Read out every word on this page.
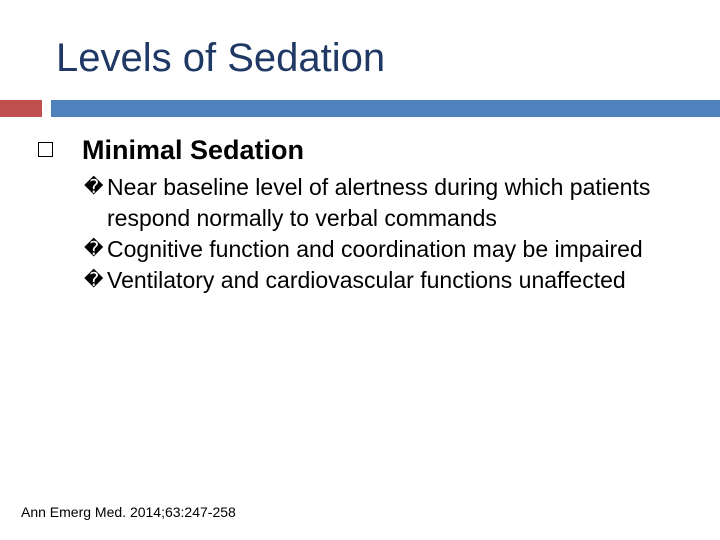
Levels of Sedation
Minimal Sedation
� Near baseline level of alertness during which patients respond normally to verbal commands
� Cognitive function and coordination may be impaired
� Ventilatory and cardiovascular functions unaffected
Ann Emerg Med. 2014;63:247-258
